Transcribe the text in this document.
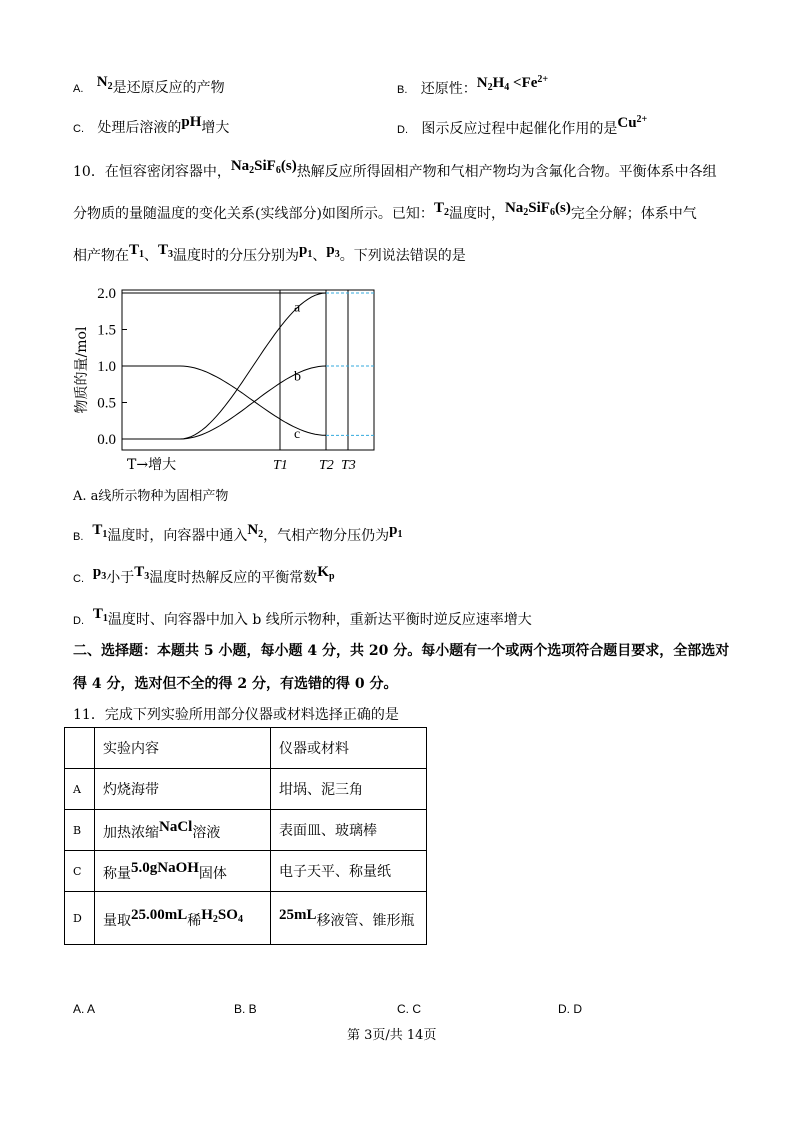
A. $N_2$是还原反应的产物	B. 还原性：$N_2H_4 <Fe^{2+}$
C. 处理后溶液的pH增大	D. 图示反应过程中起催化作用的是$Cu^{2+}$
10．在恒容密闭容器中，$Na_2SiF_6(s)$热解反应所得固相产物和气相产物均为含氟化合物。平衡体系中各组
分物质的量随温度的变化关系(实线部分)如图所示。已知：$T_2$温度时，$Na_2SiF_6(s)$完全分解；体系中气
相产物在$T_1$、$T_3$温度时的分压分别为$p_1$、$p_3$。下列说法错误的是
2.0
1.5
1.0
0.5
0.0
物质的量/mol
T→增大	T1 T2 T3
a
b
c
A. a线所示物种为固相产物
B. $T_1$温度时，向容器中通入$N_2$，气相产物分压仍为$p_1$
C. $p_3$小于$T_3$温度时热解反应的平衡常数$K_p$
D. $T_1$温度时、向容器中加入 b 线所示物种，重新达平衡时逆反应速率增大
二、选择题：本题共 5 小题，每小题 4 分，共 20 分。每小题有一个或两个选项符合题目要求，全部选对
得 4 分，选对但不全的得 2 分，有选错的得 0 分。
11．完成下列实验所用部分仪器或材料选择正确的是
	实验内容	仪器或材料
A	灼烧海带	坩埚、泥三角
B	加热浓缩NaCl溶液	表面皿、玻璃棒
C	称量5.0gNaOH固体	电子天平、称量纸
D	量取25.00mL稀$H_2SO_4$	25mL移液管、锥形瓶
A. A	B. B	C. C	D. D
第 3页/共 14页
